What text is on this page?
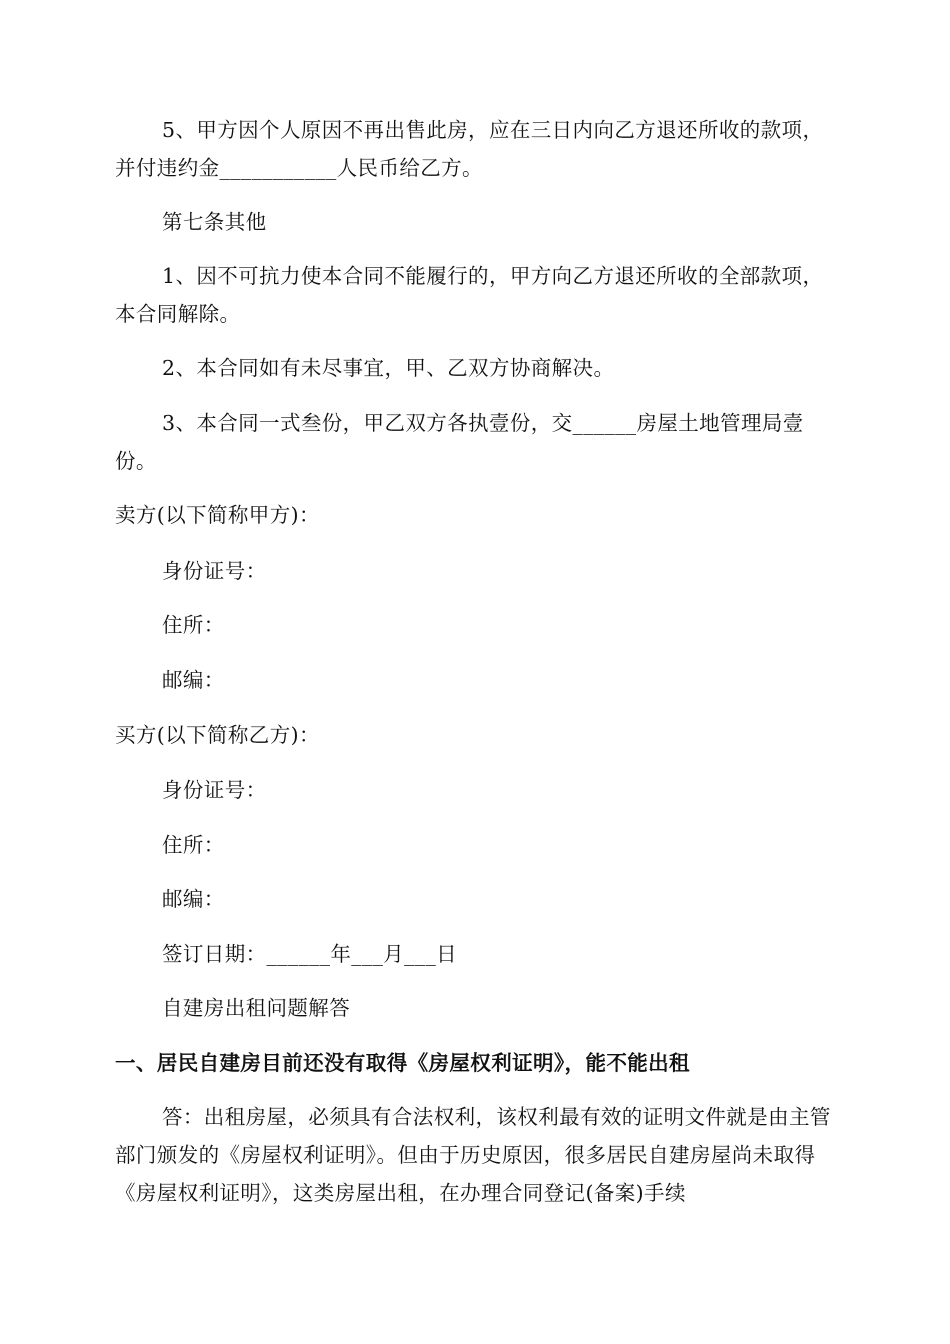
5、甲方因个人原因不再出售此房，应在三日内向乙方退还所收的款项，并付违约金___________人民币给乙方。

第七条其他

1、因不可抗力使本合同不能履行的，甲方向乙方退还所收的全部款项，本合同解除。

2、本合同如有未尽事宜，甲、乙双方协商解决。

3、本合同一式叁份，甲乙双方各执壹份，交______房屋土地管理局壹份。

卖方(以下简称甲方)：

身份证号：

住所：

邮编：

买方(以下简称乙方)：

身份证号：

住所：

邮编：

签订日期：______年___月___日

自建房出租问题解答

一、居民自建房目前还没有取得《房屋权利证明》，能不能出租

答：出租房屋，必须具有合法权利，该权利最有效的证明文件就是由主管部门颁发的《房屋权利证明》。但由于历史原因，很多居民自建房屋尚未取得《房屋权利证明》，这类房屋出租，在办理合同登记(备案)手续
